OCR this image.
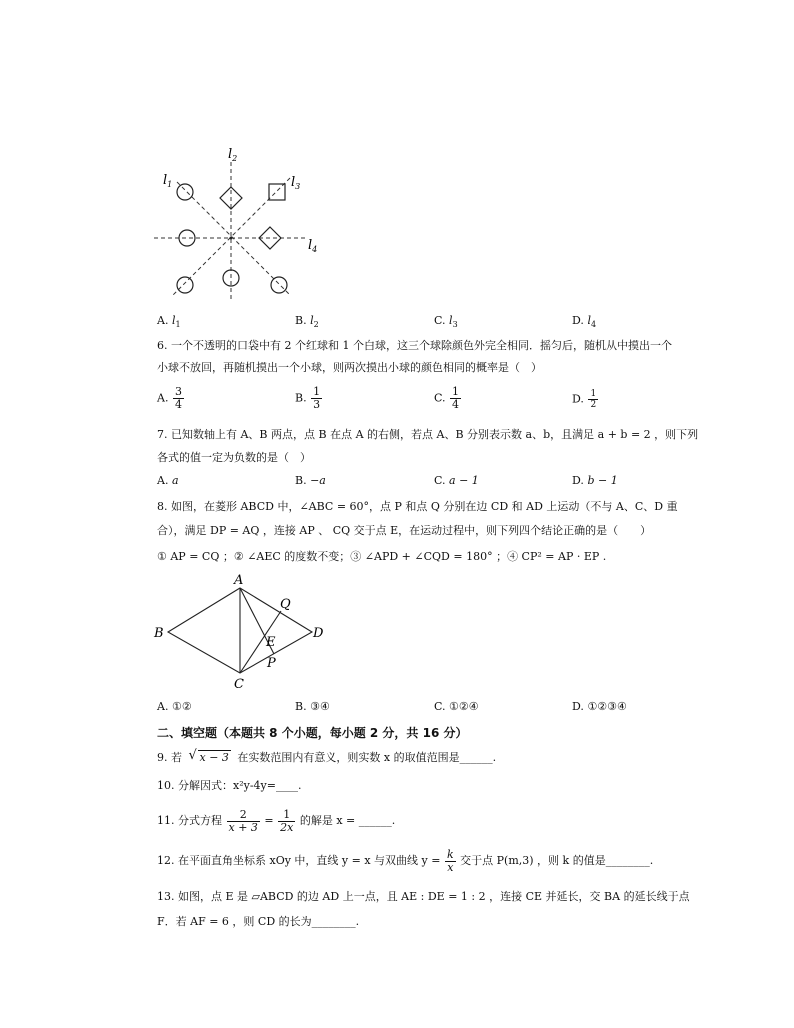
$l_2$
$l_1$	$l_3$
$l_4$
A. $l_1$	B. $l_2$	C. $l_3$	D. $l_4$
6. 一个不透明的口袋中有 2 个红球和 1 个白球，这三个球除颜色外完全相同．摇匀后，随机从中摸出一个
小球不放回，再随机摸出一个小球，则两次摸出小球的颜色相同的概率是（　）
A. $\frac{3}{4}$	B. $\frac{1}{3}$	C. $\frac{1}{4}$	D. $\frac{1}{2}$
7. 已知数轴上有 A、B 两点，点 B 在点 A 的右侧，若点 A、B 分别表示数 a、b，且满足 a + b = 2 ，则下列
各式的值一定为负数的是（　）
A. a	B. −a	C. a − 1	D. b − 1
8. 如图，在菱形 ABCD 中，∠ABC = 60°，点 P 和点 Q 分别在边 CD 和 AD 上运动（不与 A、C、D 重
合），满足 DP = AQ ，连接 AP 、 CQ 交于点 E，在运动过程中，则下列四个结论正确的是（　　）
① AP = CQ ；② ∠AEC 的度数不变；③ ∠APD + ∠CQD = 180° ；④ CP² = AP · EP .
A
B
C
D
E
P
Q
A. ①②	B. ③④	C. ①②④	D. ①②③④
二、填空题（本题共 8 个小题，每小题 2 分，共 16 分）
9. 若 √ x − 3 在实数范围内有意义，则实数 x 的取值范围是______.
10. 分解因式：x²y-4y=____.
11. 分式方程 $\frac{2}{x + 3} = \frac{1}{2x}$ 的解是 x = ______.
12. 在平面直角坐标系 xOy 中，直线 y = x 与双曲线 $y = \frac{k}{x}$ 交于点 P(m,3) ，则 k 的值是________.
13. 如图，点 E 是 ▱ABCD 的边 AD 上一点，且 AE : DE = 1 : 2 ，连接 CE 并延长，交 BA 的延长线于点
F．若 AF = 6 ，则 CD 的长为________.
